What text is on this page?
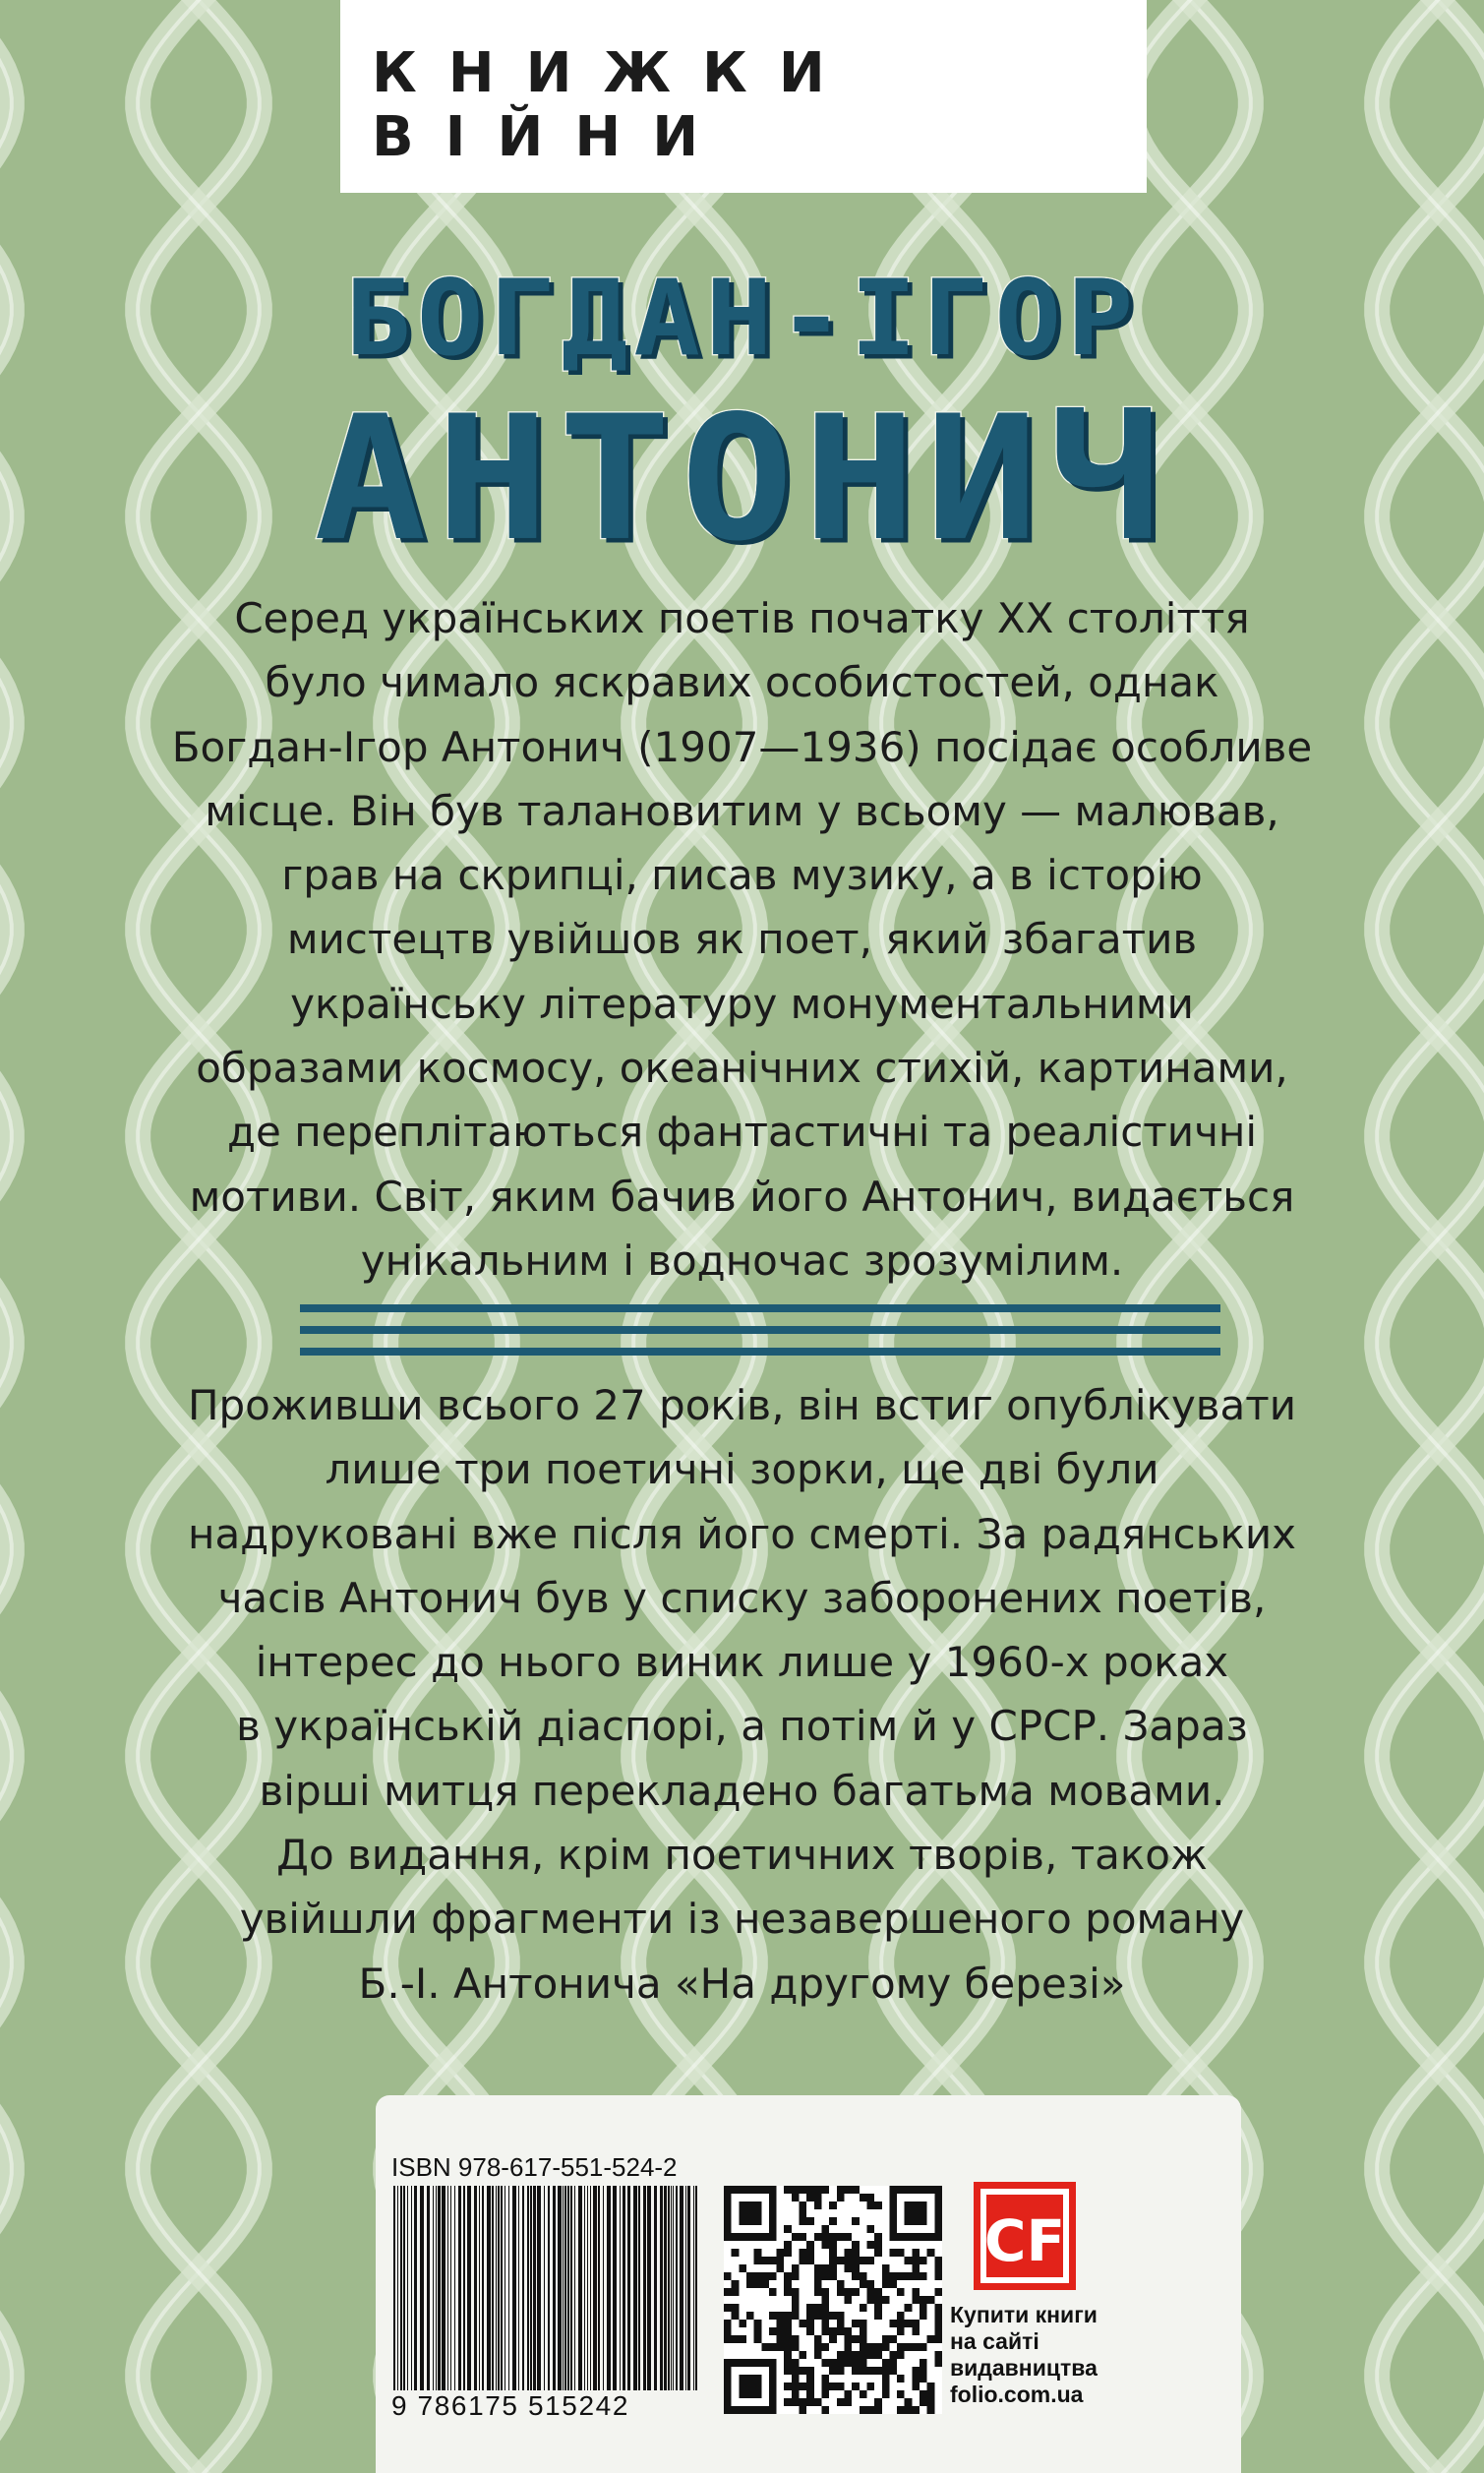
КНИЖКИ ВІЙНИ
БОГДАН-ІГОР
АНТОНИЧ

Серед українських поетів початку ХХ століття
було чимало яскравих особистостей, однак
Богдан-Ігор Антонич (1907—1936) посідає особливе
місце. Він був талановитим у всьому — малював,
грав на скрипці, писав музику, а в історію
мистецтв увійшов як поет, який збагатив
українську літературу монументальними
образами космосу, океанічних стихій, картинами,
де переплітаються фантастичні та реалістичні
мотиви. Світ, яким бачив його Антонич, видається
унікальним і водночас зрозумілим.

Проживши всього 27 років, він встиг опублікувати
лише три поетичні зорки, ще дві були
надруковані вже після його смерті. За радянських
часів Антонич був у списку заборонених поетів,
інтерес до нього виник лише у 1960-х роках
в українській діаспорі, а потім й у СРСР. Зараз
вірші митця перекладено багатьма мовами.
До видання, крім поетичних творів, також
увійшли фрагменти із незавершеного роману
Б.-І. Антонича «На другому березі»

ISBN 978-617-551-524-2
9 786175 515242
CF
Купити книги
на сайті
видавництва
folio.com.ua
